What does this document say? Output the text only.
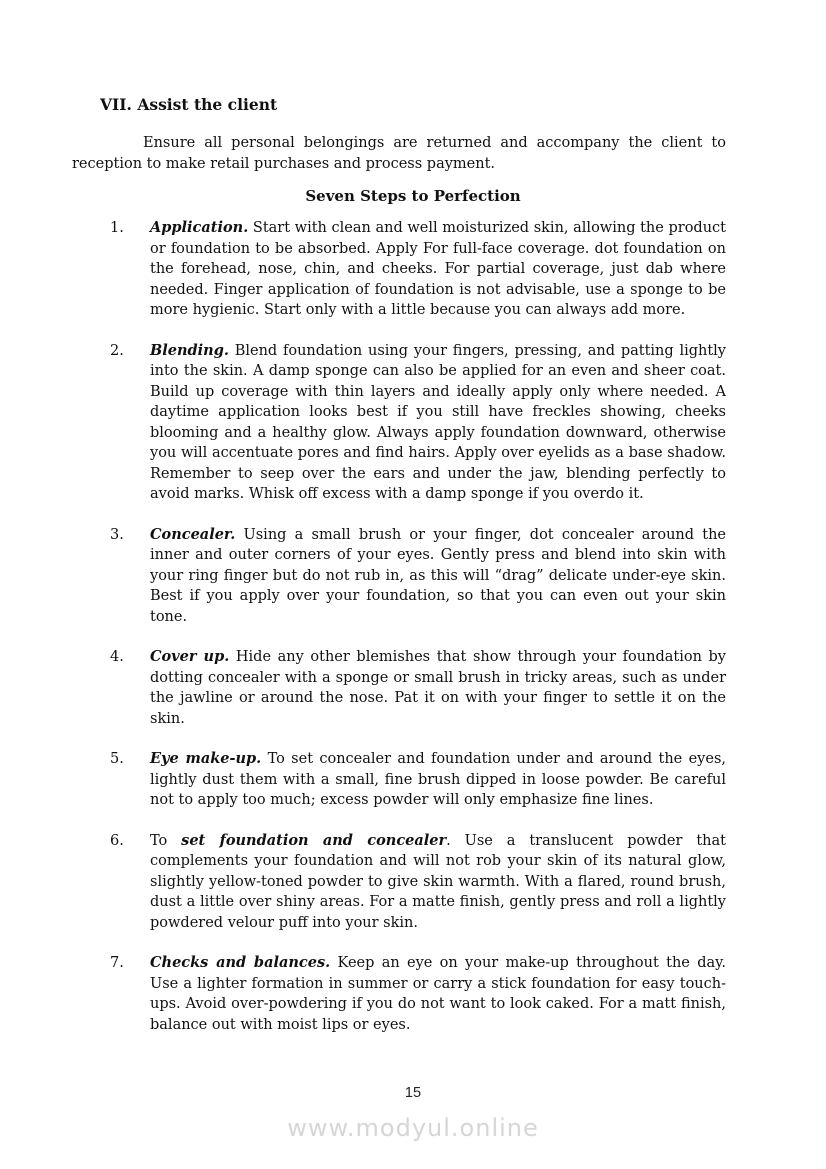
VII. Assist the client

Ensure all personal belongings are returned and accompany the client to reception to make retail purchases and process payment.

Seven Steps to Perfection
1.	Application. Start with clean and well moisturized skin, allowing the product or foundation to be absorbed. Apply For full-face coverage. dot foundation on the forehead, nose, chin, and cheeks. For partial coverage, just dab where needed. Finger application of foundation is not advisable, use a sponge to be more hygienic. Start only with a little because you can always add more.
2.	Blending. Blend foundation using your fingers, pressing, and patting lightly into the skin. A damp sponge can also be applied for an even and sheer coat. Build up coverage with thin layers and ideally apply only where needed. A daytime application looks best if you still have freckles showing, cheeks blooming and a healthy glow. Always apply foundation downward, otherwise you will accentuate pores and find hairs. Apply over eyelids as a base shadow. Remember to seep over the ears and under the jaw, blending perfectly to avoid marks. Whisk off excess with a damp sponge if you overdo it.
3.	Concealer. Using a small brush or your finger, dot concealer around the inner and outer corners of your eyes. Gently press and blend into skin with your ring finger but do not rub in, as this will “drag” delicate under-eye skin. Best if you apply over your foundation, so that you can even out your skin tone.
4.	Cover up. Hide any other blemishes that show through your foundation by dotting concealer with a sponge or small brush in tricky areas, such as under the jawline or around the nose. Pat it on with your finger to settle it on the skin.
5.	Eye make-up. To set concealer and foundation under and around the eyes, lightly dust them with a small, fine brush dipped in loose powder. Be careful not to apply too much; excess powder will only emphasize fine lines.
6.	To set foundation and concealer. Use a translucent powder that complements your foundation and will not rob your skin of its natural glow, slightly yellow-toned powder to give skin warmth. With a flared, round brush, dust a little over shiny areas. For a matte finish, gently press and roll a lightly powdered velour puff into your skin.
7.	Checks and balances. Keep an eye on your make-up throughout the day. Use a lighter formation in summer or carry a stick foundation for easy touch-ups. Avoid over-powdering if you do not want to look caked. For a matt finish, balance out with moist lips or eyes.
15
www.modyul.online
